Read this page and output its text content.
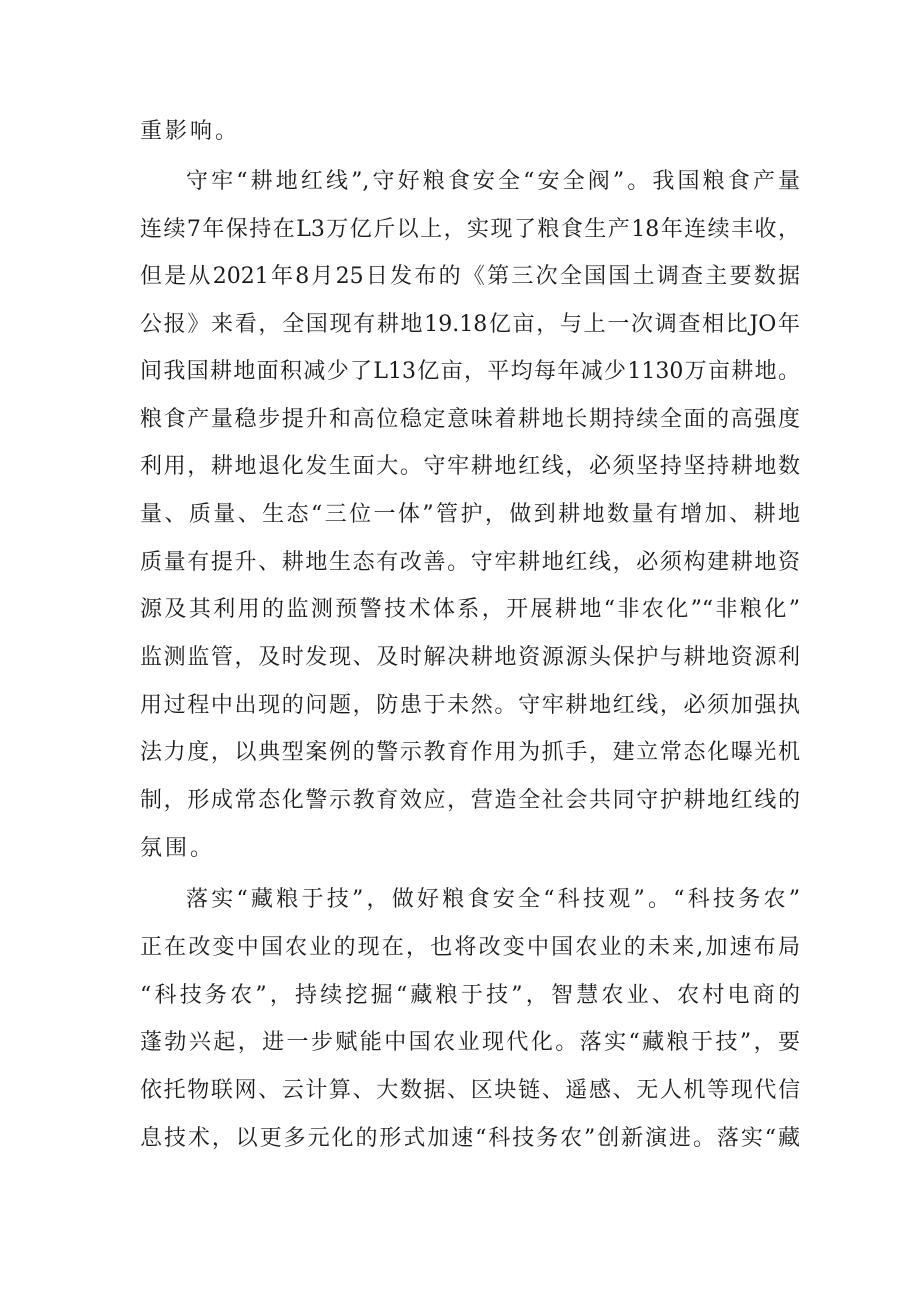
重影响。
守牢“耕地红线”,守好粮食安全“安全阀”。我国粮食产量
连续7年保持在L3万亿斤以上，实现了粮食生产18年连续丰收，
但是从2021年8月25日发布的《第三次全国国土调查主要数据
公报》来看，全国现有耕地19.18亿亩，与上一次调查相比JO年
间我国耕地面积减少了L13亿亩，平均每年减少1130万亩耕地。
粮食产量稳步提升和高位稳定意味着耕地长期持续全面的高强度
利用，耕地退化发生面大。守牢耕地红线，必须坚持坚持耕地数
量、质量、生态“三位一体”管护，做到耕地数量有增加、耕地
质量有提升、耕地生态有改善。守牢耕地红线，必须构建耕地资
源及其利用的监测预警技术体系，开展耕地“非农化”“非粮化”
监测监管，及时发现、及时解决耕地资源源头保护与耕地资源利
用过程中出现的问题，防患于未然。守牢耕地红线，必须加强执
法力度，以典型案例的警示教育作用为抓手，建立常态化曝光机
制，形成常态化警示教育效应，营造全社会共同守护耕地红线的
氛围。
落实“藏粮于技”，做好粮食安全“科技观”。“科技务农”
正在改变中国农业的现在，也将改变中国农业的未来,加速布局
“科技务农”，持续挖掘“藏粮于技”，智慧农业、农村电商的
蓬勃兴起，进一步赋能中国农业现代化。落实“藏粮于技”，要
依托物联网、云计算、大数据、区块链、遥感、无人机等现代信
息技术，以更多元化的形式加速“科技务农”创新演进。落实“藏
